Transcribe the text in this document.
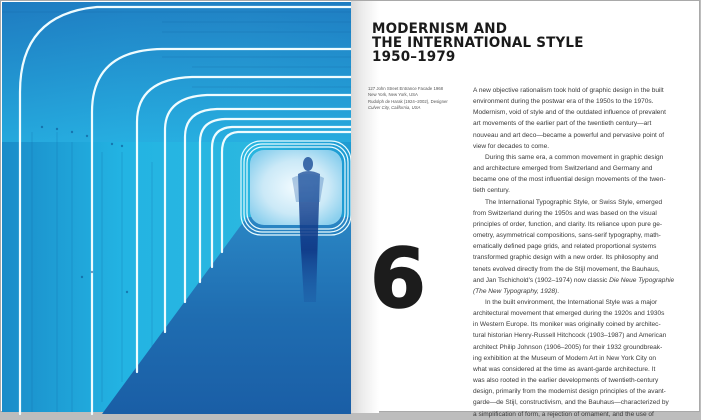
MODERNISM AND
THE INTERNATIONAL STYLE
1950–1979
127 John Street Entrance Facade 1968
New York, New York, USA
Rudolph de Harak (1924–2002), Designer
Culver City, California, USA
6
A new objective rationalism took hold of graphic design in the built
environment during the postwar era of the 1950s to the 1970s.
Modernism, void of style and of the outdated influence of prevalent
art movements of the earlier part of the twentieth century—art
nouveau and art deco—became a powerful and pervasive point of
view for decades to come.
During this same era, a common movement in graphic design
and architecture emerged from Switzerland and Germany and
became one of the most influential design movements of the twen-
tieth century.
The International Typographic Style, or Swiss Style, emerged
from Switzerland during the 1950s and was based on the visual
principles of order, function, and clarity. Its reliance upon pure ge-
ometry, asymmetrical compositions, sans-serif typography, math-
ematically defined page grids, and related proportional systems
transformed graphic design with a new order. Its philosophy and
tenets evolved directly from the de Stijl movement, the Bauhaus,
and Jan Tschichold's (1902–1974) now classic Die Neue Typographie
(The New Typography, 1928).
In the built environment, the International Style was a major
architectural movement that emerged during the 1920s and 1930s
in Western Europe. Its moniker was originally coined by architec-
tural historian Henry-Russell Hitchcock (1903–1987) and American
architect Philip Johnson (1906–2005) for their 1932 groundbreak-
ing exhibition at the Museum of Modern Art in New York City on
what was considered at the time as avant-garde architecture. It
was also rooted in the earlier developments of twentieth-century
design, primarily from the modernist design principles of the avant-
garde—de Stijl, constructivism, and the Bauhaus—characterized by
a simplification of form, a rejection of ornament, and the use of
